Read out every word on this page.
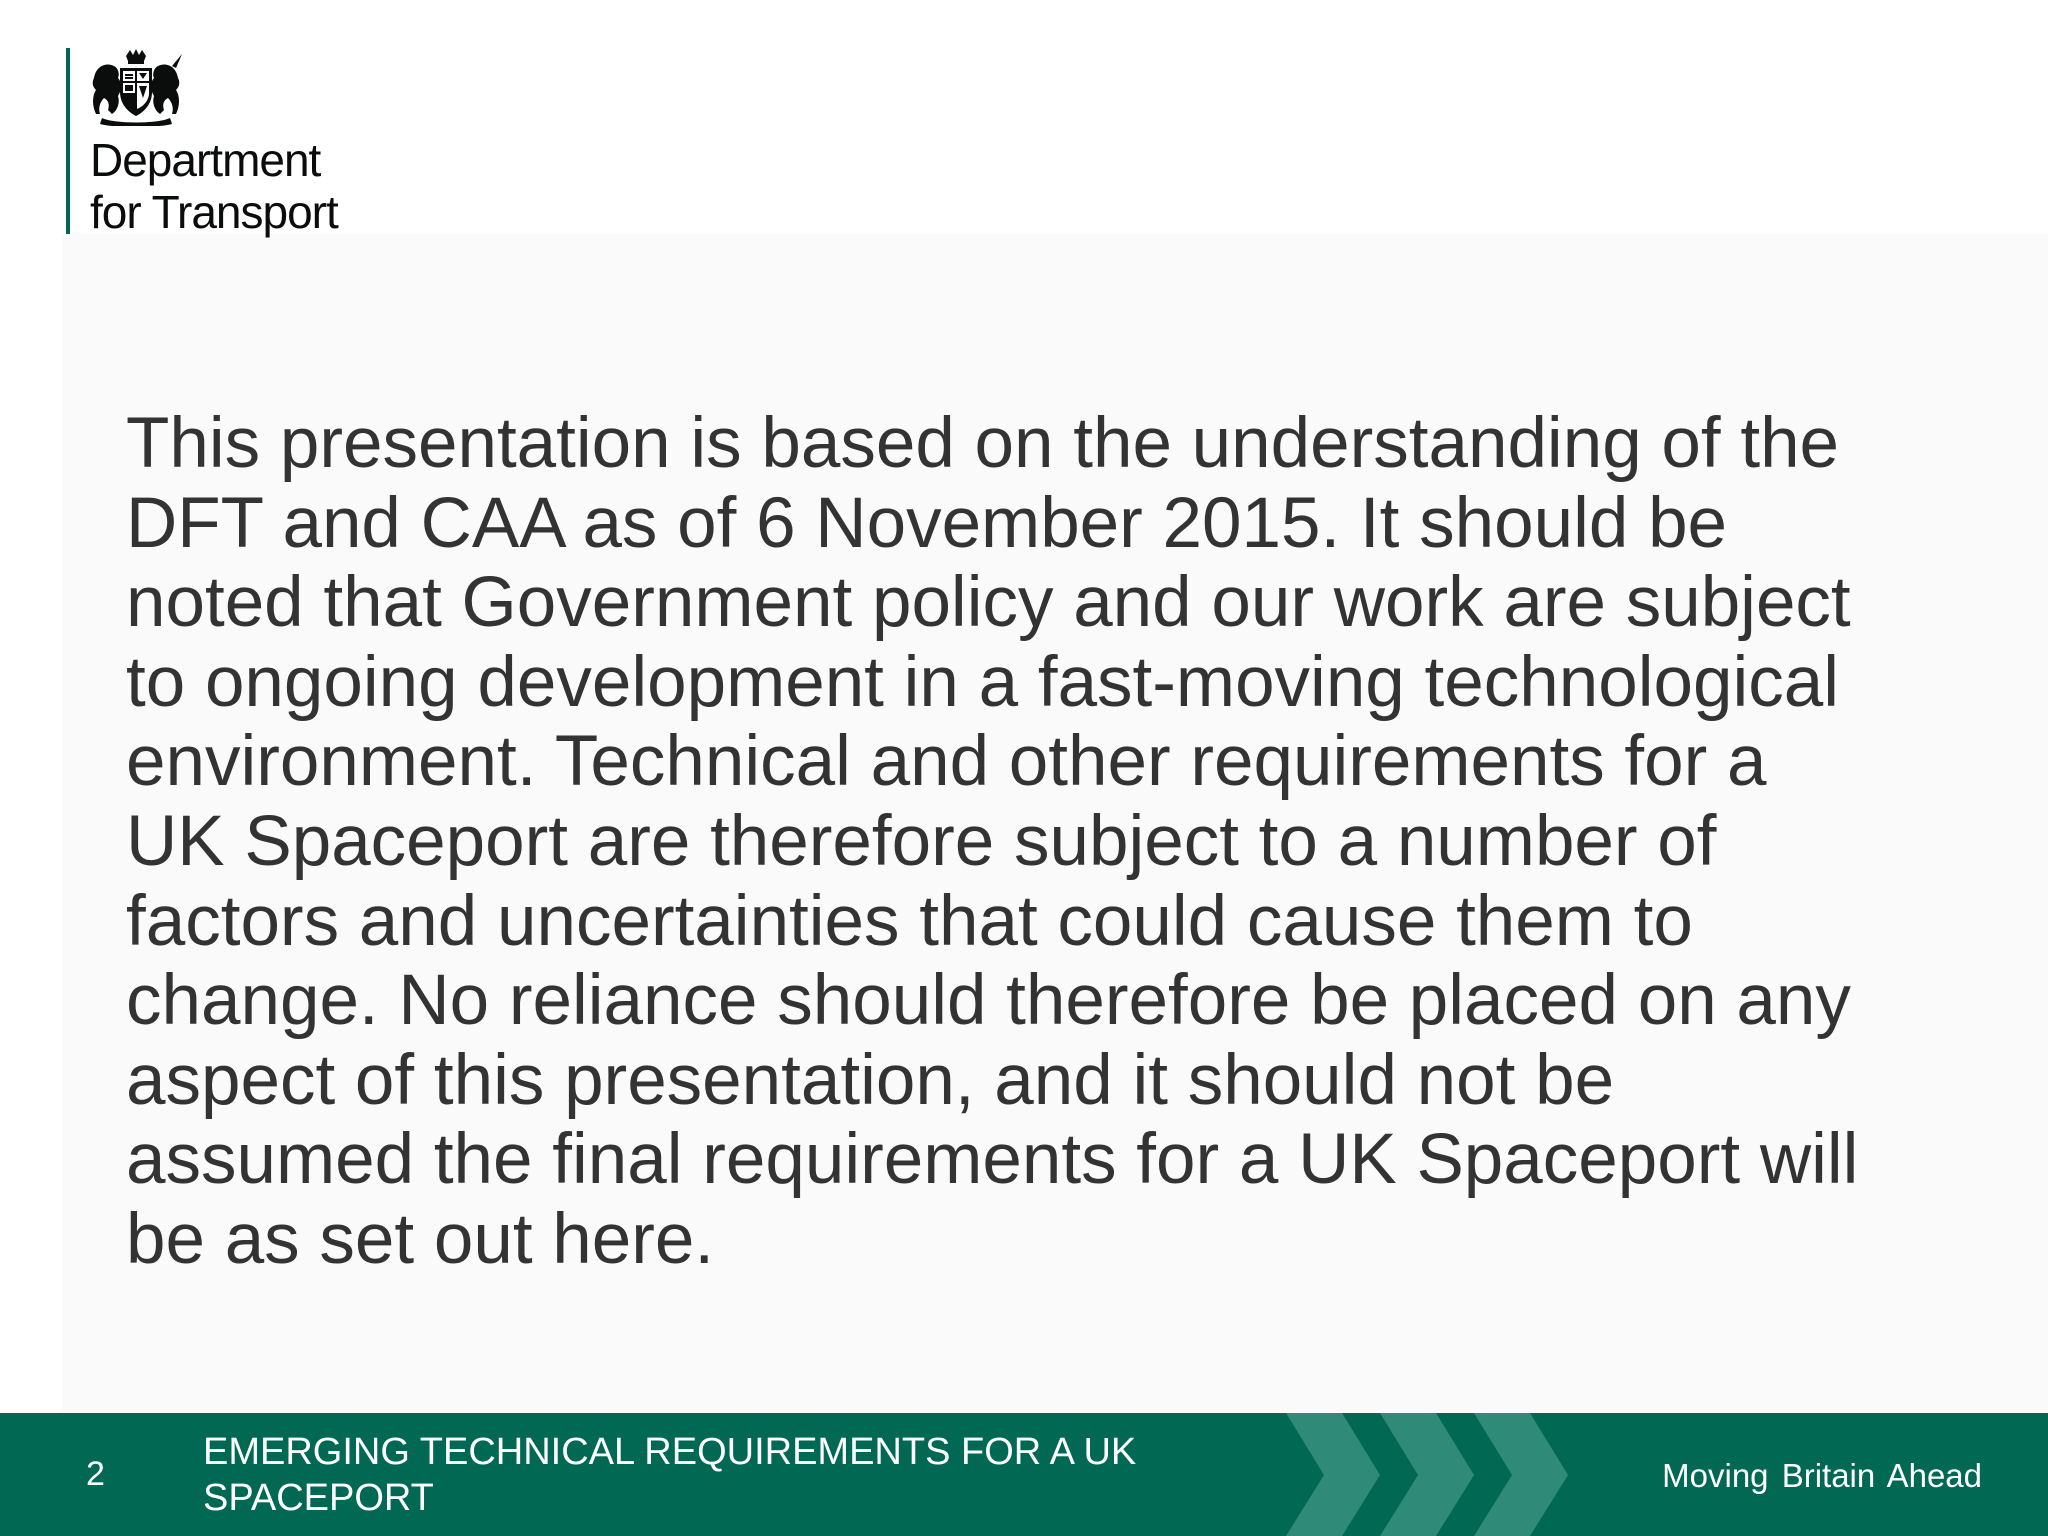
Department
for Transport

This presentation is based on the understanding of the
DFT and CAA as of 6 November 2015. It should be
noted that Government policy and our work are subject
to ongoing development in a fast-moving technological
environment. Technical and other requirements for a
UK Spaceport are therefore subject to a number of
factors and uncertainties that could cause them to
change. No reliance should therefore be placed on any
aspect of this presentation, and it should not be
assumed the final requirements for a UK Spaceport will
be as set out here.

2
EMERGING TECHNICAL REQUIREMENTS FOR A UK SPACEPORT
Moving Britain Ahead
